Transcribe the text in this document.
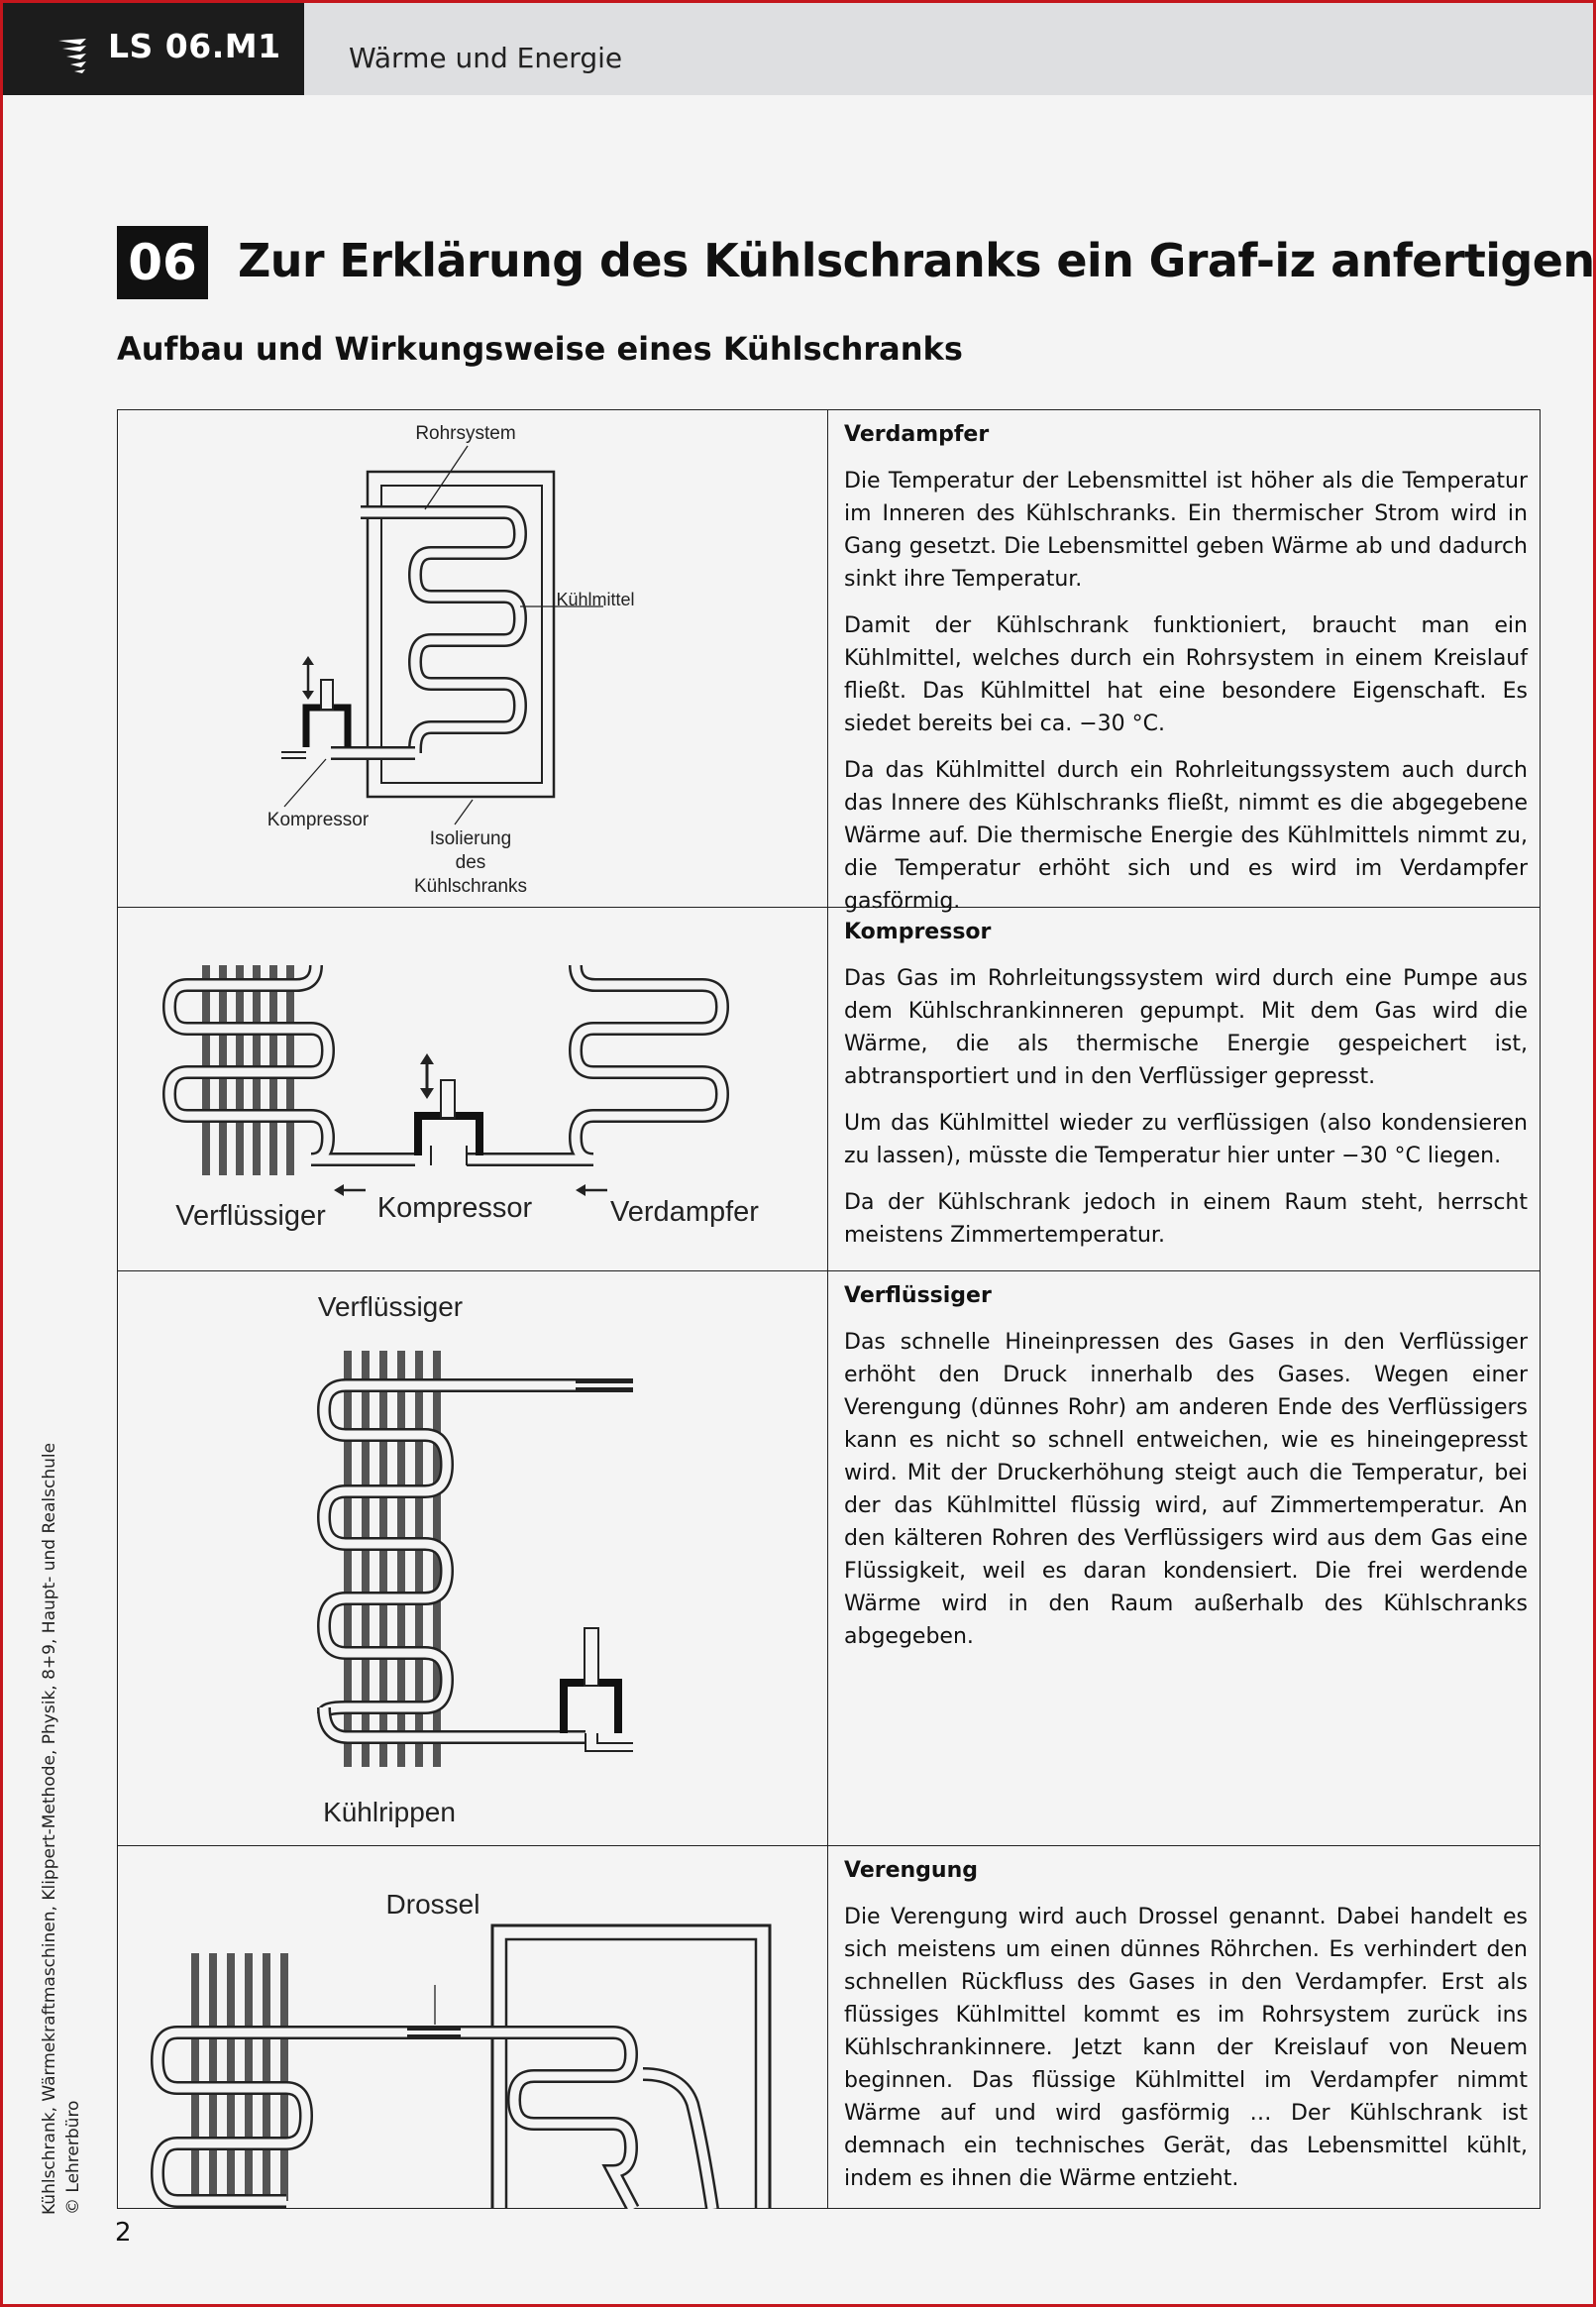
LS 06.M1 Wärme und Energie
06 Zur Erklärung des Kühlschranks ein Graf-iz anfertigen
Aufbau und Wirkungsweise eines Kühlschranks
Rohrsystem
Kühlmittel
Kompressor
Isolierung
des
Kühlschranks
Verdampfer

Die Temperatur der Lebensmittel ist höher als die Temperatur im Inneren des Kühlschranks. Ein thermischer Strom wird in Gang gesetzt. Die Lebensmittel geben Wärme ab und dadurch sinkt ihre Temperatur.

Damit der Kühlschrank funktioniert, braucht man ein Kühlmittel, welches durch ein Rohrsystem in einem Kreislauf fließt. Das Kühlmittel hat eine besondere Eigenschaft. Es siedet bereits bei ca. −30 °C.

Da das Kühlmittel durch ein Rohrleitungssystem auch durch das Innere des Kühlschranks fließt, nimmt es die abgegebene Wärme auf. Die thermische Energie des Kühlmittels nimmt zu, die Temperatur erhöht sich und es wird im Verdampfer gasförmig.

Verflüssiger Kompressor	Verdampfer
Kompressor

Das Gas im Rohrleitungssystem wird durch eine Pumpe aus dem Kühlschrankinneren gepumpt. Mit dem Gas wird die Wärme, die als thermische Energie gespeichert ist, abtransportiert und in den Verflüssiger gepresst.

Um das Kühlmittel wieder zu verflüssigen (also kondensieren zu lassen), müsste die Temperatur hier unter −30 °C liegen.

Da der Kühlschrank jedoch in einem Raum steht, herrscht meistens Zimmertemperatur.

Verflüssiger
Kühlrippen
Verflüssiger

Das schnelle Hineinpressen des Gases in den Verflüssiger erhöht den Druck innerhalb des Gases. Wegen einer Verengung (dünnes Rohr) am anderen Ende des Verflüssigers kann es nicht so schnell entweichen, wie es hineingepresst wird. Mit der Druckerhöhung steigt auch die Temperatur, bei der das Kühlmittel flüssig wird, auf Zimmertemperatur. An den kälteren Rohren des Verflüssigers wird aus dem Gas eine Flüssigkeit, weil es daran kondensiert. Die frei werdende Wärme wird in den Raum außerhalb des Kühlschranks abgegeben.

Drossel
Verengung

Die Verengung wird auch Drossel genannt. Dabei handelt es sich meistens um einen dünnes Röhrchen. Es verhindert den schnellen Rückfluss des Gases in den Verdampfer. Erst als flüssiges Kühlmittel kommt es im Rohrsystem zurück ins Kühlschrankinnere. Jetzt kann der Kreislauf von Neuem beginnen. Das flüssige Kühlmittel im Verdampfer nimmt Wärme auf und wird gasförmig … Der Kühlschrank ist demnach ein technisches Gerät, das Lebensmittel kühlt, indem es ihnen die Wärme entzieht.

Kühlschrank, Wärmekraftmaschinen, Klippert-Methode, Physik, 8+9, Haupt- und Realschule © Lehrerbüro
2
